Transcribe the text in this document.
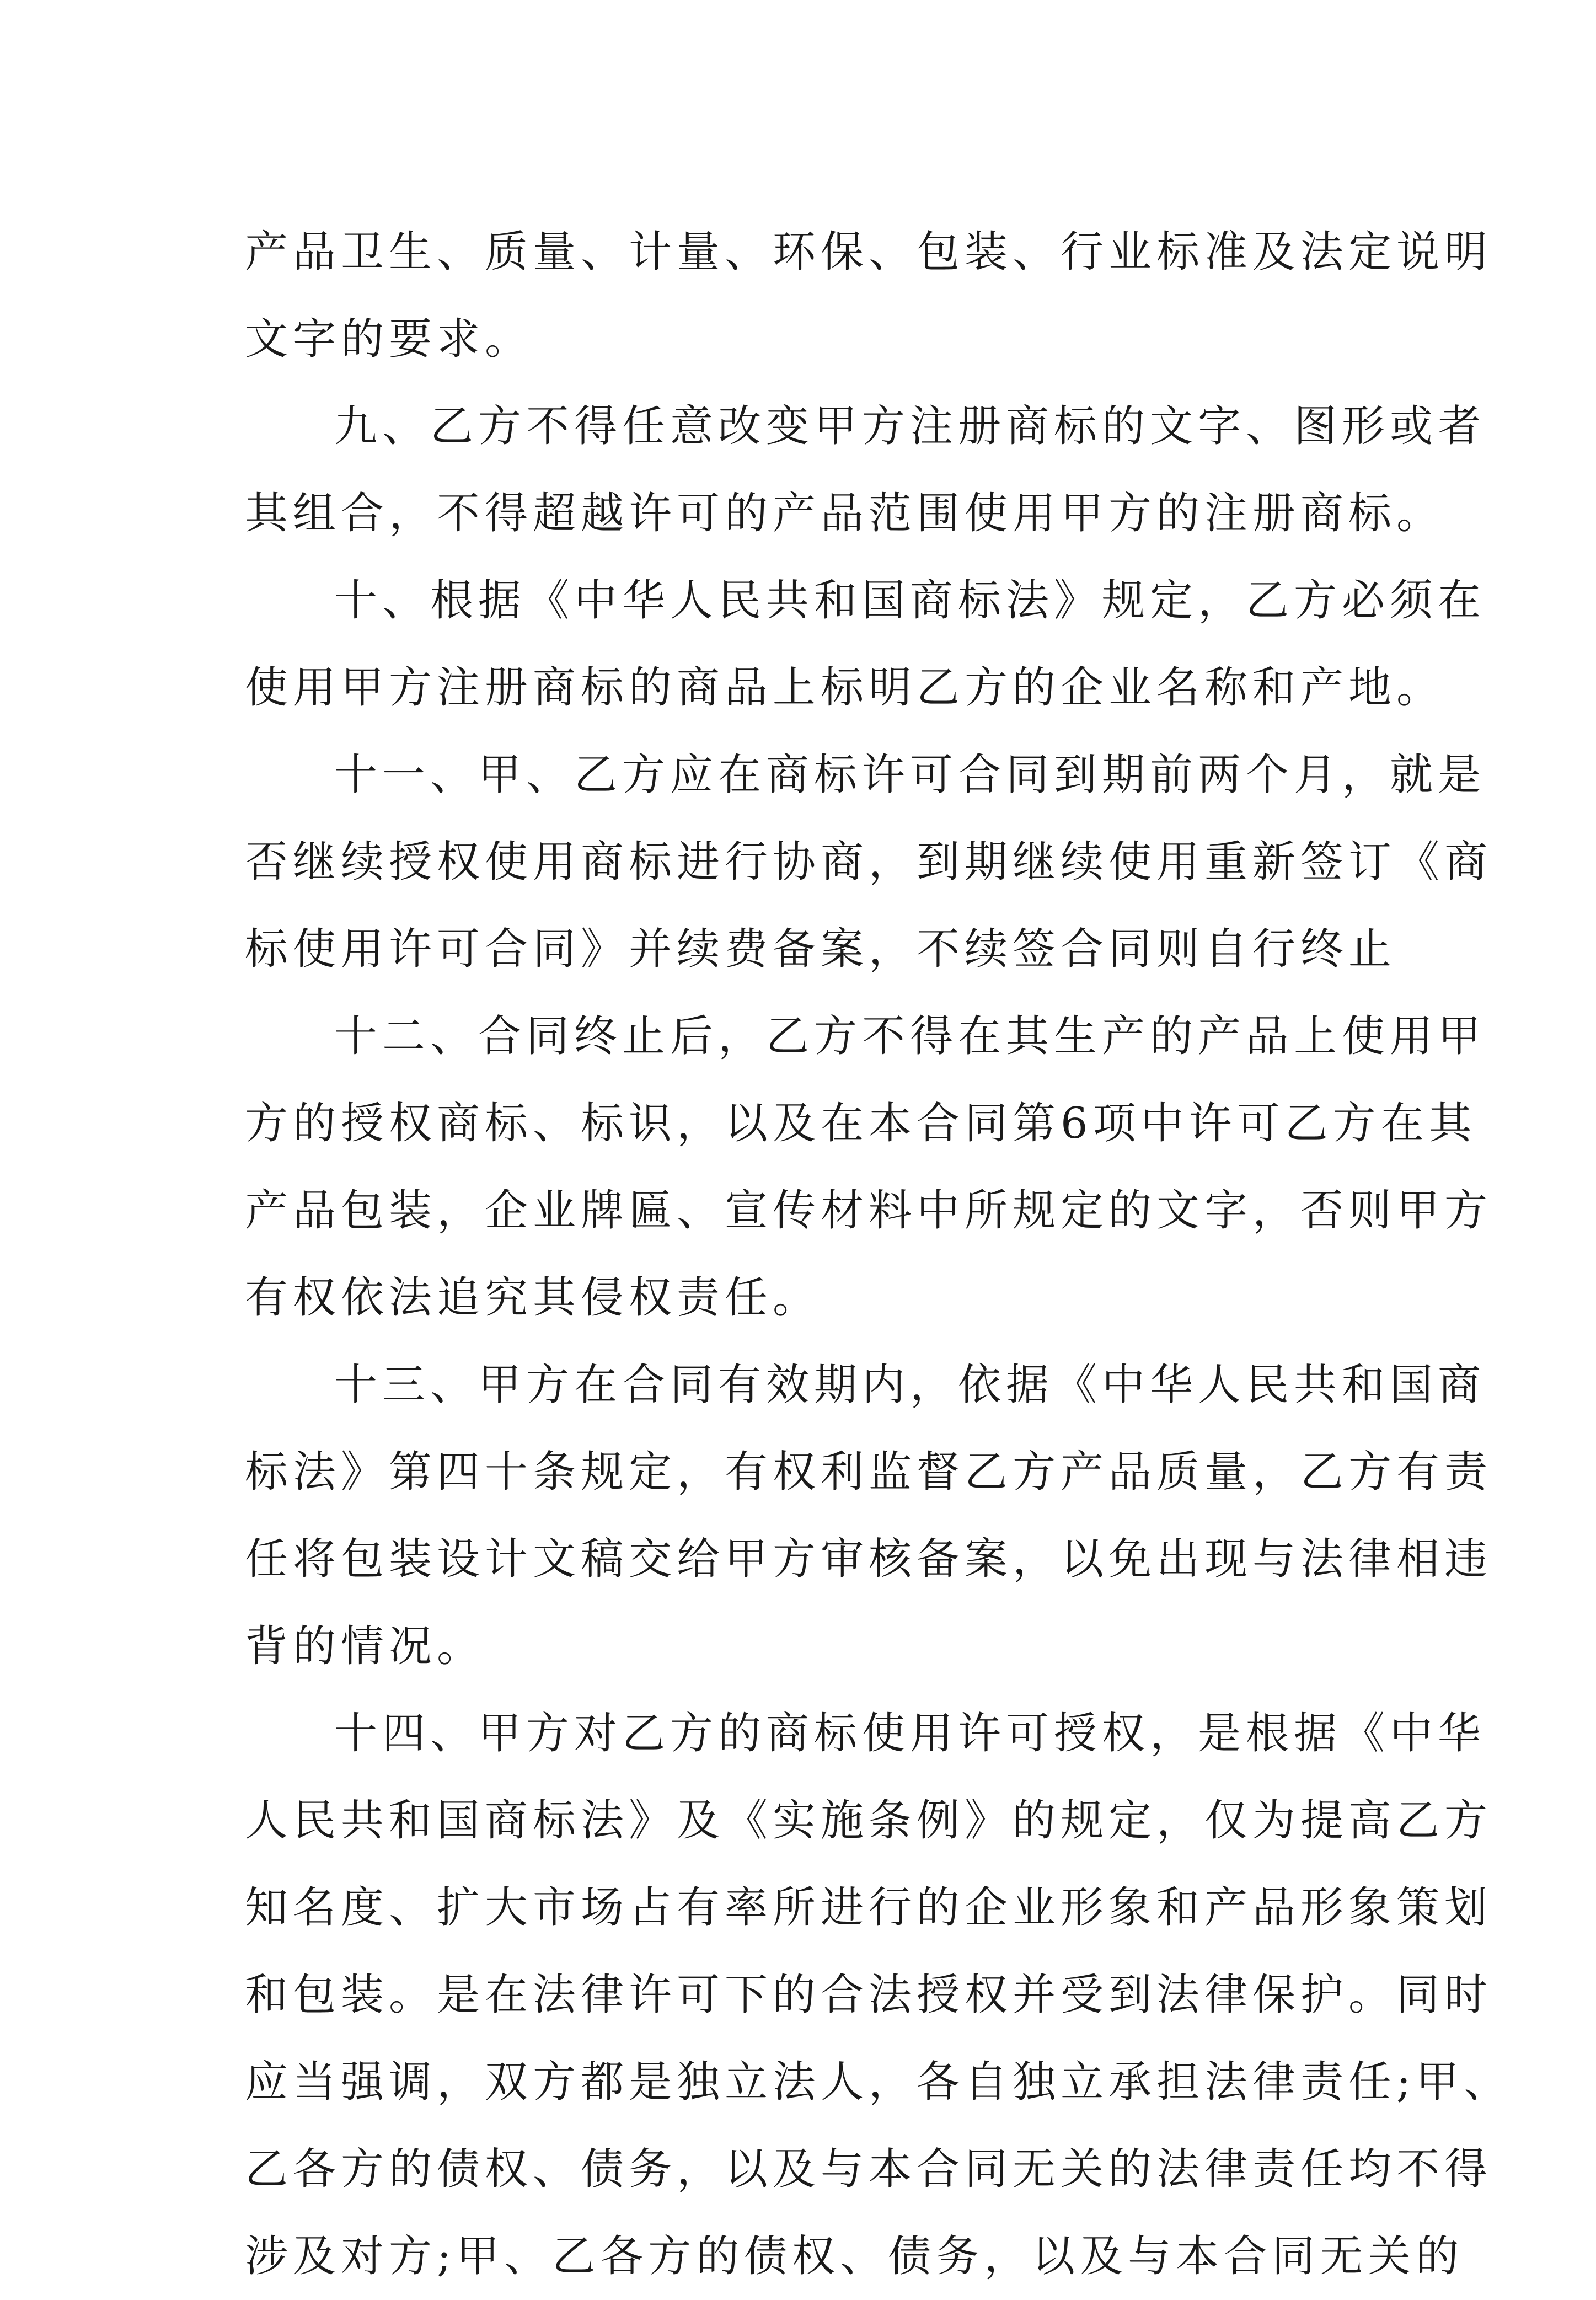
产品卫生、质量、计量、环保、包装、行业标准及法定说明
文字的要求。
九、乙方不得任意改变甲方注册商标的文字、图形或者
其组合，不得超越许可的产品范围使用甲方的注册商标。
十、根据《中华人民共和国商标法》规定，乙方必须在
使用甲方注册商标的商品上标明乙方的企业名称和产地。
十一、甲、乙方应在商标许可合同到期前两个月，就是
否继续授权使用商标进行协商，到期继续使用重新签订《商
标使用许可合同》并续费备案，不续签合同则自行终止
十二、合同终止后，乙方不得在其生产的产品上使用甲
方的授权商标、标识，以及在本合同第6项中许可乙方在其
产品包装，企业牌匾、宣传材料中所规定的文字，否则甲方
有权依法追究其侵权责任。
十三、甲方在合同有效期内，依据《中华人民共和国商
标法》第四十条规定，有权利监督乙方产品质量，乙方有责
任将包装设计文稿交给甲方审核备案，以免出现与法律相违
背的情况。
十四、甲方对乙方的商标使用许可授权，是根据《中华
人民共和国商标法》及《实施条例》的规定，仅为提高乙方
知名度、扩大市场占有率所进行的企业形象和产品形象策划
和包装。是在法律许可下的合法授权并受到法律保护。同时
应当强调，双方都是独立法人，各自独立承担法律责任;甲、
乙各方的债权、债务，以及与本合同无关的法律责任均不得
涉及对方;甲、乙各方的债权、债务，以及与本合同无关的
